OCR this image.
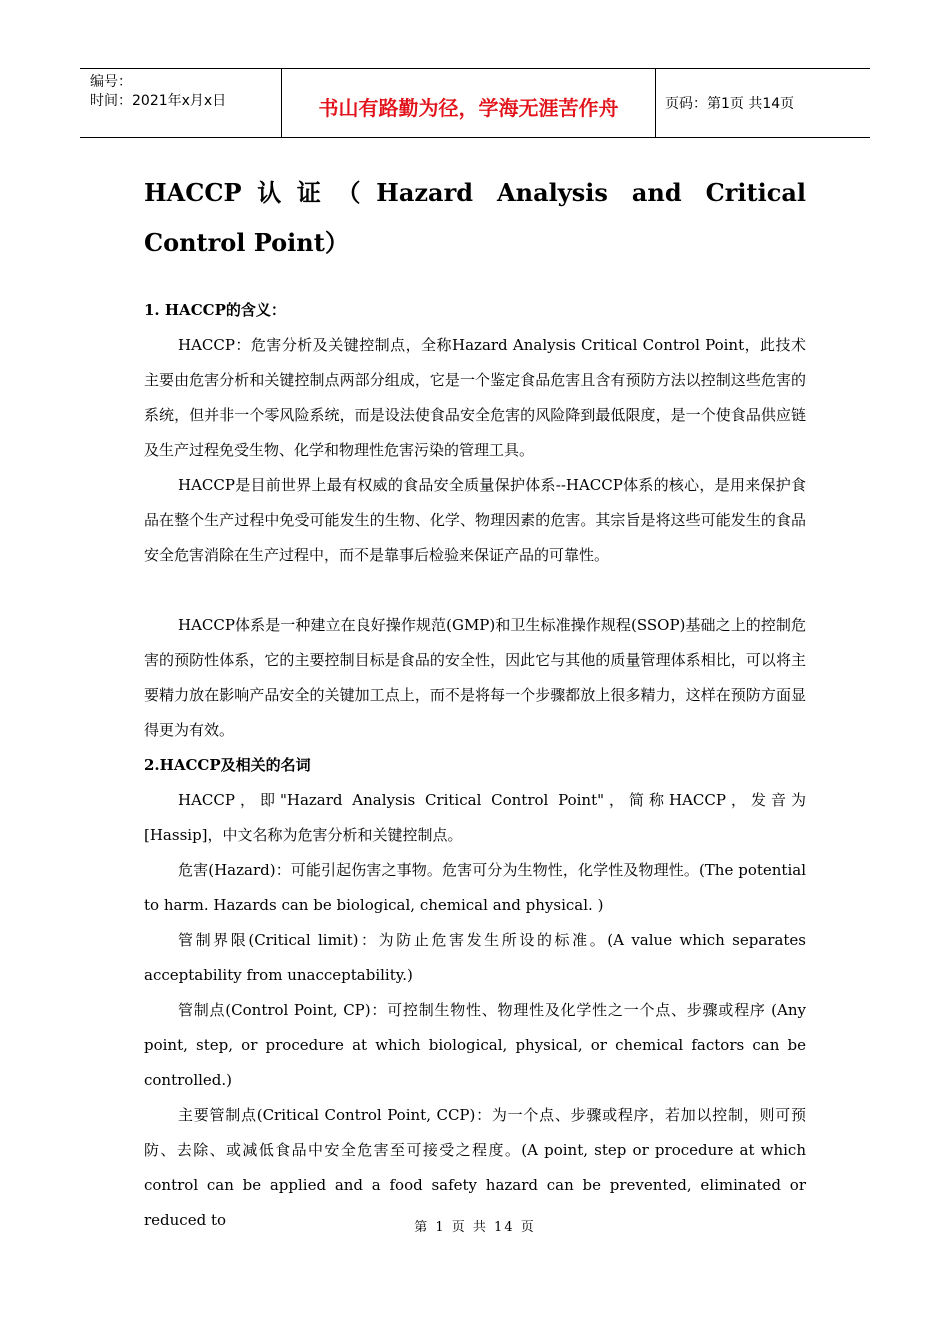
编号：
时间：2021年x月x日	书山有路勤为径，学海无涯苦作舟	页码：第1页 共14页
HACCP认证（Hazard Analysis and Critical Control Point）

1. HACCP的含义：

HACCP：危害分析及关键控制点，全称Hazard Analysis Critical Control Point，此技术主要由危害分析和关键控制点两部分组成，它是一个鉴定食品危害且含有预防方法以控制这些危害的系统，但并非一个零风险系统，而是设法使食品安全危害的风险降到最低限度，是一个使食品供应链及生产过程免受生物、化学和物理性危害污染的管理工具。

HACCP是目前世界上最有权威的食品安全质量保护体系--HACCP体系的核心，是用来保护食品在整个生产过程中免受可能发生的生物、化学、物理因素的危害。其宗旨是将这些可能发生的食品安全危害消除在生产过程中，而不是靠事后检验来保证产品的可靠性。

HACCP体系是一种建立在良好操作规范(GMP)和卫生标准操作规程(SSOP)基础之上的控制危害的预防性体系，它的主要控制目标是食品的安全性，因此它与其他的质量管理体系相比，可以将主要精力放在影响产品安全的关键加工点上，而不是将每一个步骤都放上很多精力，这样在预防方面显得更为有效。

2.HACCP及相关的名词

HACCP，即"Hazard Analysis Critical Control Point"，简称HACCP，发音为 [Hassip]，中文名称为危害分析和关键控制点。

危害(Hazard)：可能引起伤害之事物。危害可分为生物性，化学性及物理性。(The potential to harm. Hazards can be biological, chemical and physical. )

管制界限(Critical limit)：为防止危害发生所设的标准。(A value which separates acceptability from unacceptability.)

管制点(Control Point, CP)：可控制生物性、物理性及化学性之一个点、步骤或程序 (Any point, step, or procedure at which biological, physical, or chemical factors can be controlled.)

主要管制点(Critical Control Point, CCP)：为一个点、步骤或程序，若加以控制，则可预防、去除、或减低食品中安全危害至可接受之程度。(A point, step or procedure at which control can be applied and a food safety hazard can be prevented, eliminated or reduced to	第 1 页 共 14 页
